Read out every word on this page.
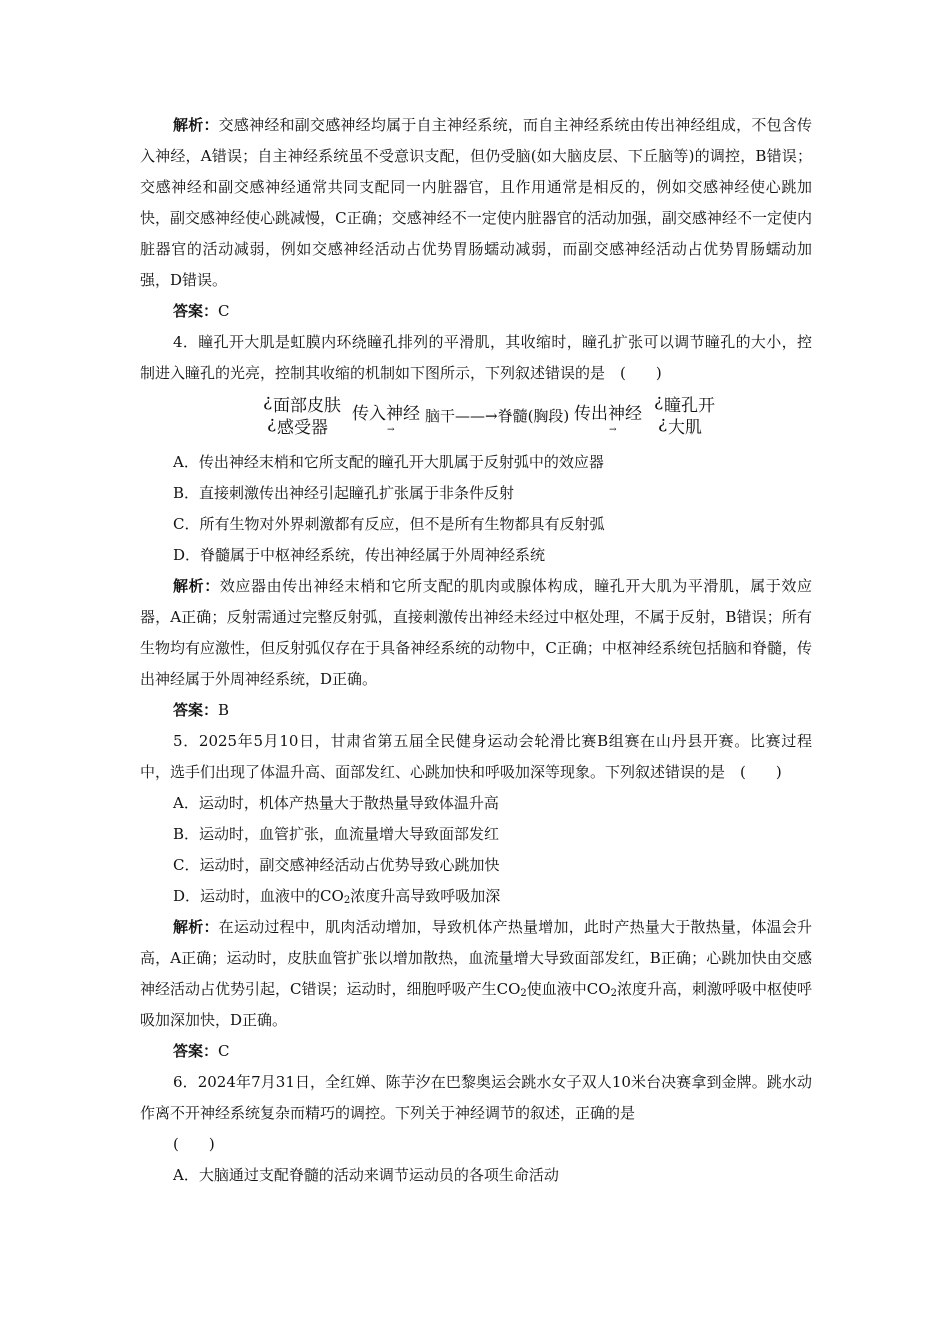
解析：交感神经和副交感神经均属于自主神经系统，而自主神经系统由传出神经组成，不包含传入神经，A错误；自主神经系统虽不受意识支配，但仍受脑(如大脑皮层、下丘脑等)的调控，B错误；交感神经和副交感神经通常共同支配同一内脏器官，且作用通常是相反的，例如交感神经使心跳加快，副交感神经使心跳减慢，C正确；交感神经不一定使内脏器官的活动加强，副交感神经不一定使内脏器官的活动减弱，例如交感神经活动占优势胃肠蠕动减弱，而副交感神经活动占优势胃肠蠕动加强，D错误。

答案：C

4．瞳孔开大肌是虹膜内环绕瞳孔排列的平滑肌，其收缩时，瞳孔扩张可以调节瞳孔的大小，控制进入瞳孔的光亮，控制其收缩的机制如下图所示，下列叙述错误的是　(　　)

¿ 面部皮肤
¿ 感受器
传入神经
→
脑干——→脊髓(胸段) 传出神经
→
¿ 瞳孔开
¿ 大肌

A．传出神经末梢和它所支配的瞳孔开大肌属于反射弧中的效应器

B．直接刺激传出神经引起瞳孔扩张属于非条件反射

C．所有生物对外界刺激都有反应，但不是所有生物都具有反射弧

D．脊髓属于中枢神经系统，传出神经属于外周神经系统

解析：效应器由传出神经末梢和它所支配的肌肉或腺体构成，瞳孔开大肌为平滑肌，属于效应器，A正确；反射需通过完整反射弧，直接刺激传出神经未经过中枢处理，不属于反射，B错误；所有生物均有应激性，但反射弧仅存在于具备神经系统的动物中，C正确；中枢神经系统包括脑和脊髓，传出神经属于外周神经系统，D正确。

答案：B

5．2025年5月10日，甘肃省第五届全民健身运动会轮滑比赛B组赛在山丹县开赛。比赛过程中，选手们出现了体温升高、面部发红、心跳加快和呼吸加深等现象。下列叙述错误的是　(　　)

A．运动时，机体产热量大于散热量导致体温升高

B．运动时，血管扩张，血流量增大导致面部发红

C．运动时，副交感神经活动占优势导致心跳加快

D．运动时，血液中的$CO_2$浓度升高导致呼吸加深

解析：在运动过程中，肌肉活动增加，导致机体产热量增加，此时产热量大于散热量，体温会升高，A正确；运动时，皮肤血管扩张以增加散热，血流量增大导致面部发红，B正确；心跳加快由交感神经活动占优势引起，C错误；运动时，细胞呼吸产生$CO_2$使血液中$CO_2$浓度升高，刺激呼吸中枢使呼吸加深加快，D正确。

答案：C

6．2024年7月31日，全红婵、陈芋汐在巴黎奥运会跳水女子双人10米台决赛拿到金牌。跳水动作离不开神经系统复杂而精巧的调控。下列关于神经调节的叙述，正确的是

(　　)

A．大脑通过支配脊髓的活动来调节运动员的各项生命活动
